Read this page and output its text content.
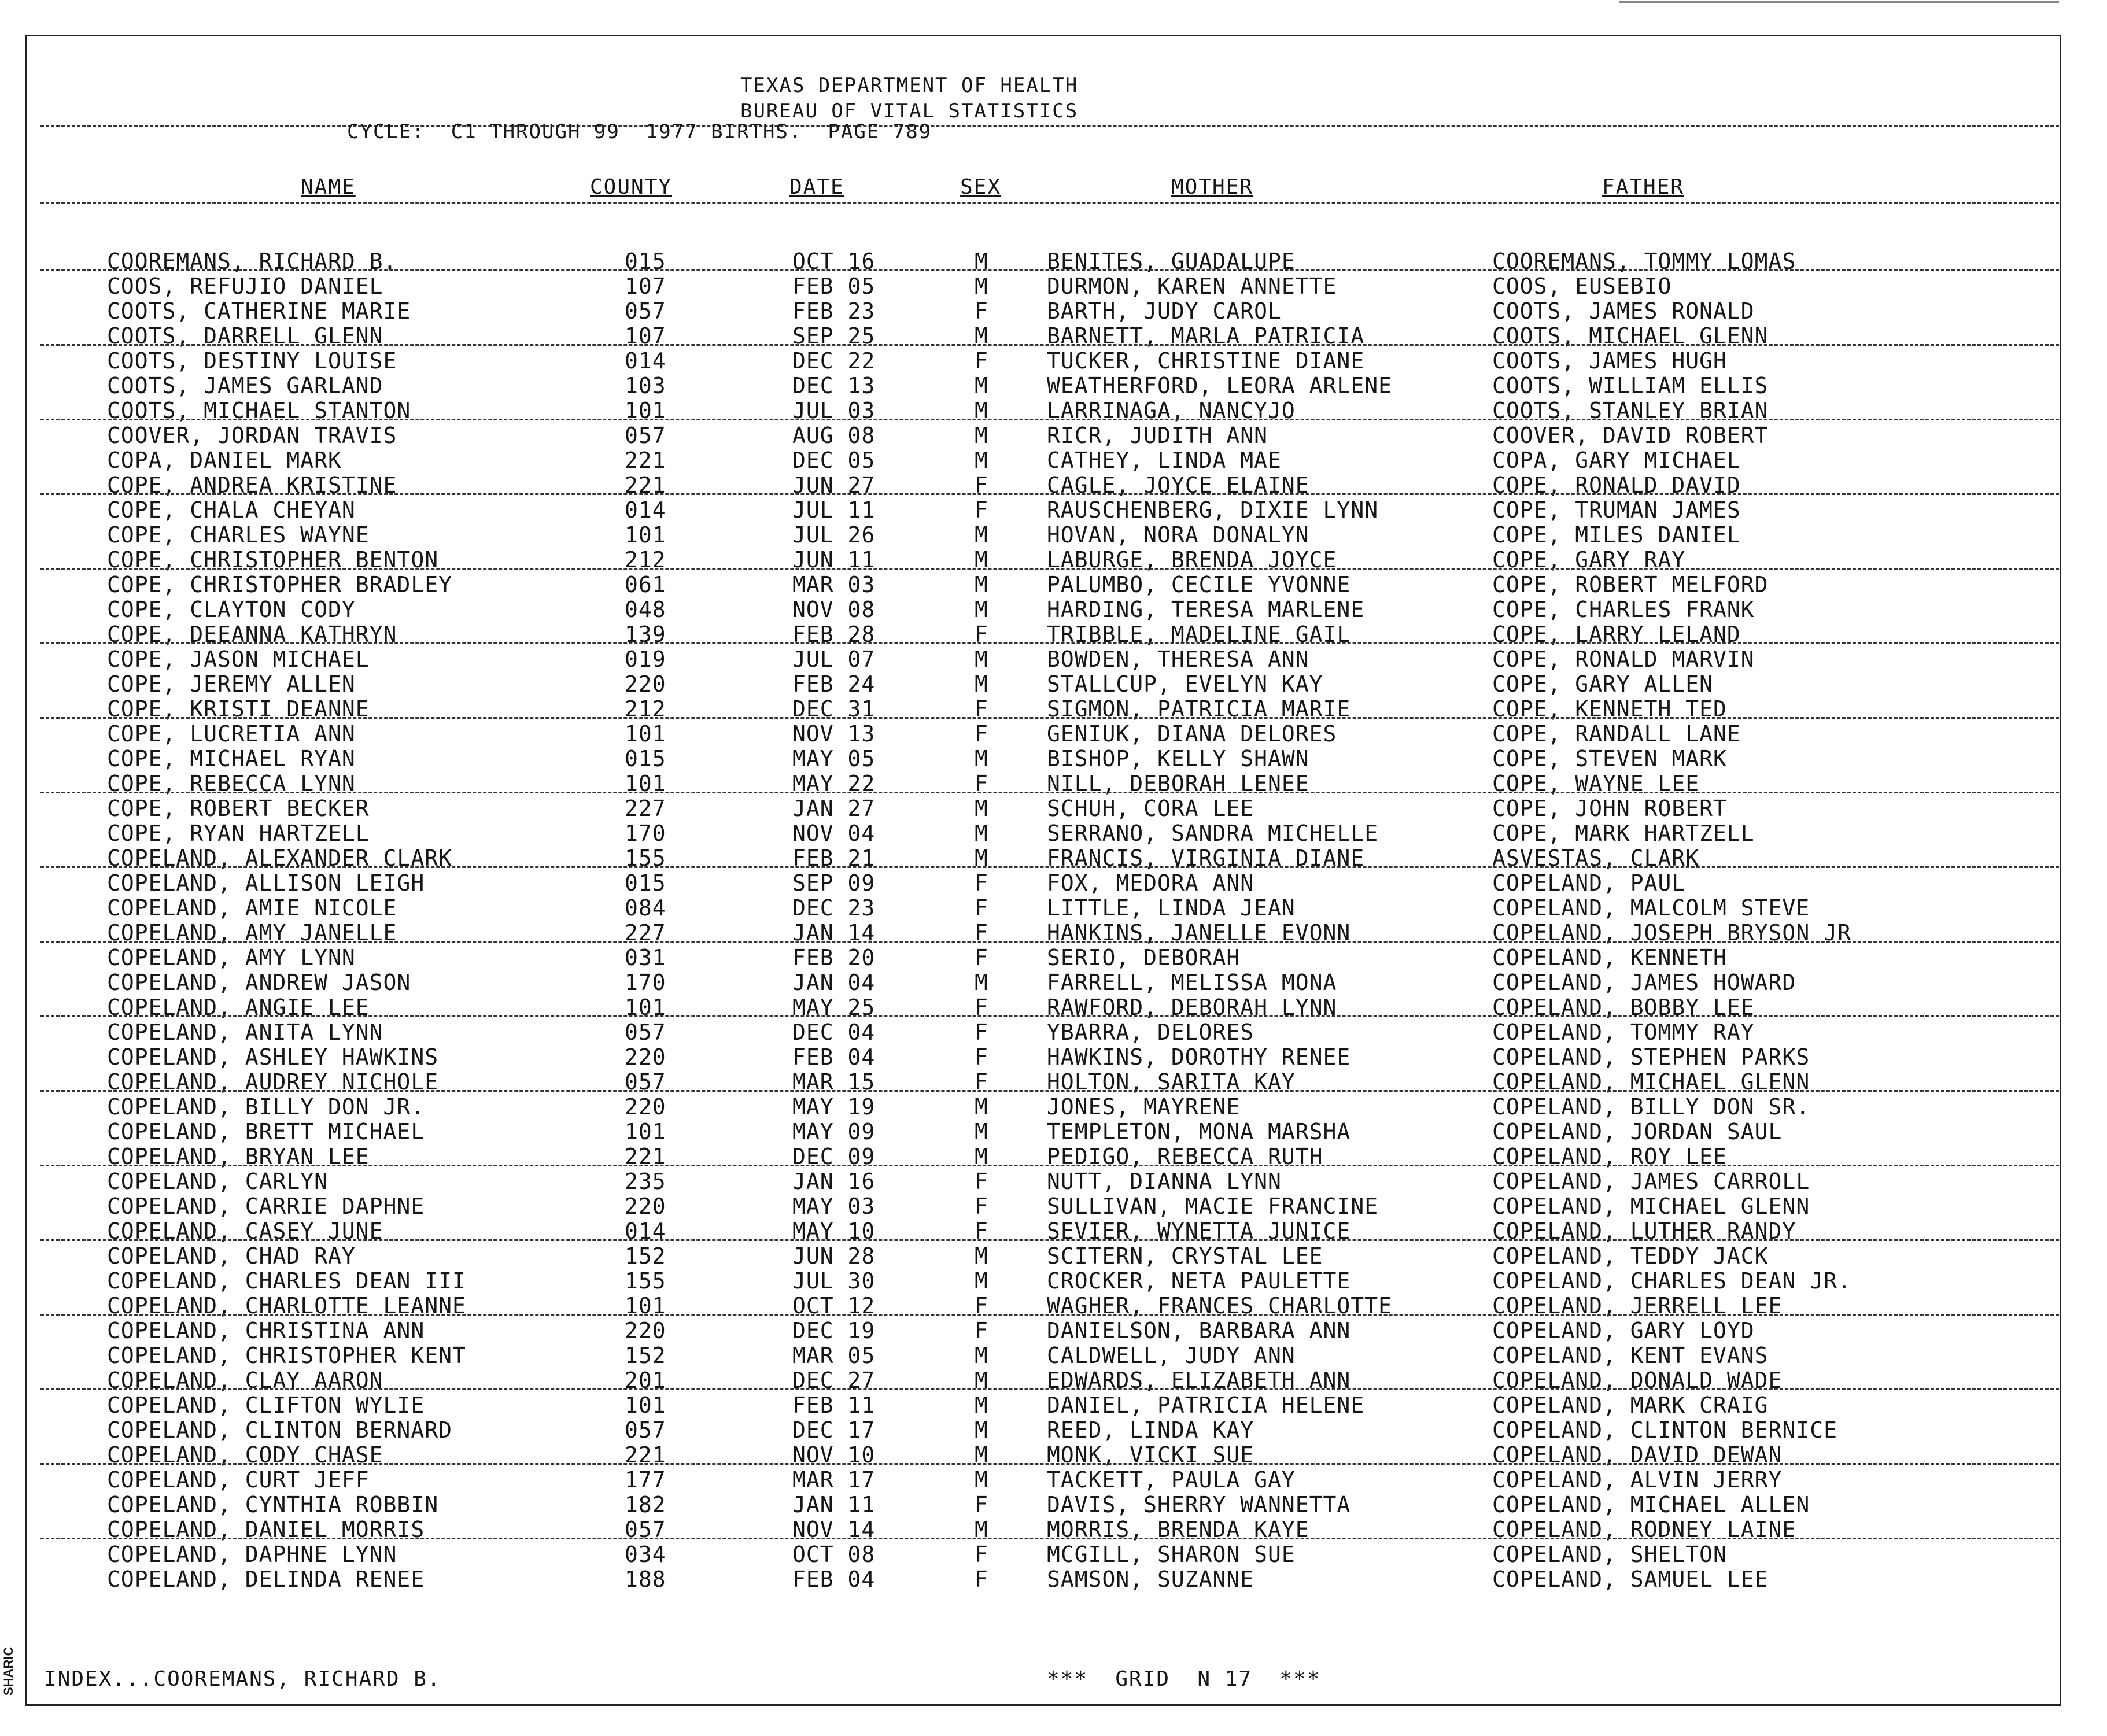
SHARIC
TEXAS DEPARTMENT OF HEALTH
BUREAU OF VITAL STATISTICS
CYCLE:  C1 THROUGH 99  1977 BIRTHS.  PAGE 789
NAME	COUNTY	DATE	SEX	MOTHER	FATHER
COOREMANS, RICHARD B.	015	OCT 16	M	BENITES, GUADALUPE	COOREMANS, TOMMY LOMAS
COOS, REFUJIO DANIEL	107	FEB 05	M	DURMON, KAREN ANNETTE	COOS, EUSEBIO
COOTS, CATHERINE MARIE	057	FEB 23	F	BARTH, JUDY CAROL	COOTS, JAMES RONALD
COOTS, DARRELL GLENN	107	SEP 25	M	BARNETT, MARLA PATRICIA	COOTS, MICHAEL GLENN
COOTS, DESTINY LOUISE	014	DEC 22	F	TUCKER, CHRISTINE DIANE	COOTS, JAMES HUGH
COOTS, JAMES GARLAND	103	DEC 13	M	WEATHERFORD, LEORA ARLENE	COOTS, WILLIAM ELLIS
COOTS, MICHAEL STANTON	101	JUL 03	M	LARRINAGA, NANCYJO	COOTS, STANLEY BRIAN
COOVER, JORDAN TRAVIS	057	AUG 08	M	RICR, JUDITH ANN	COOVER, DAVID ROBERT
COPA, DANIEL MARK	221	DEC 05	M	CATHEY, LINDA MAE	COPA, GARY MICHAEL
COPE, ANDREA KRISTINE	221	JUN 27	F	CAGLE, JOYCE ELAINE	COPE, RONALD DAVID
COPE, CHALA CHEYAN	014	JUL 11	F	RAUSCHENBERG, DIXIE LYNN	COPE, TRUMAN JAMES
COPE, CHARLES WAYNE	101	JUL 26	M	HOVAN, NORA DONALYN	COPE, MILES DANIEL
COPE, CHRISTOPHER BENTON	212	JUN 11	M	LABURGE, BRENDA JOYCE	COPE, GARY RAY
COPE, CHRISTOPHER BRADLEY	061	MAR 03	M	PALUMBO, CECILE YVONNE	COPE, ROBERT MELFORD
COPE, CLAYTON CODY	048	NOV 08	M	HARDING, TERESA MARLENE	COPE, CHARLES FRANK
COPE, DEEANNA KATHRYN	139	FEB 28	F	TRIBBLE, MADELINE GAIL	COPE, LARRY LELAND
COPE, JASON MICHAEL	019	JUL 07	M	BOWDEN, THERESA ANN	COPE, RONALD MARVIN
COPE, JEREMY ALLEN	220	FEB 24	M	STALLCUP, EVELYN KAY	COPE, GARY ALLEN
COPE, KRISTI DEANNE	212	DEC 31	F	SIGMON, PATRICIA MARIE	COPE, KENNETH TED
COPE, LUCRETIA ANN	101	NOV 13	F	GENIUK, DIANA DELORES	COPE, RANDALL LANE
COPE, MICHAEL RYAN	015	MAY 05	M	BISHOP, KELLY SHAWN	COPE, STEVEN MARK
COPE, REBECCA LYNN	101	MAY 22	F	NILL, DEBORAH LENEE	COPE, WAYNE LEE
COPE, ROBERT BECKER	227	JAN 27	M	SCHUH, CORA LEE	COPE, JOHN ROBERT
COPE, RYAN HARTZELL	170	NOV 04	M	SERRANO, SANDRA MICHELLE	COPE, MARK HARTZELL
COPELAND, ALEXANDER CLARK	155	FEB 21	M	FRANCIS, VIRGINIA DIANE	ASVESTAS, CLARK
COPELAND, ALLISON LEIGH	015	SEP 09	F	FOX, MEDORA ANN	COPELAND, PAUL
COPELAND, AMIE NICOLE	084	DEC 23	F	LITTLE, LINDA JEAN	COPELAND, MALCOLM STEVE
COPELAND, AMY JANELLE	227	JAN 14	F	HANKINS, JANELLE EVONN	COPELAND, JOSEPH BRYSON JR
COPELAND, AMY LYNN	031	FEB 20	F	SERIO, DEBORAH	COPELAND, KENNETH
COPELAND, ANDREW JASON	170	JAN 04	M	FARRELL, MELISSA MONA	COPELAND, JAMES HOWARD
COPELAND, ANGIE LEE	101	MAY 25	F	RAWFORD, DEBORAH LYNN	COPELAND, BOBBY LEE
COPELAND, ANITA LYNN	057	DEC 04	F	YBARRA, DELORES	COPELAND, TOMMY RAY
COPELAND, ASHLEY HAWKINS	220	FEB 04	F	HAWKINS, DOROTHY RENEE	COPELAND, STEPHEN PARKS
COPELAND, AUDREY NICHOLE	057	MAR 15	F	HOLTON, SARITA KAY	COPELAND, MICHAEL GLENN
COPELAND, BILLY DON JR.	220	MAY 19	M	JONES, MAYRENE	COPELAND, BILLY DON SR.
COPELAND, BRETT MICHAEL	101	MAY 09	M	TEMPLETON, MONA MARSHA	COPELAND, JORDAN SAUL
COPELAND, BRYAN LEE	221	DEC 09	M	PEDIGO, REBECCA RUTH	COPELAND, ROY LEE
COPELAND, CARLYN	235	JAN 16	F	NUTT, DIANNA LYNN	COPELAND, JAMES CARROLL
COPELAND, CARRIE DAPHNE	220	MAY 03	F	SULLIVAN, MACIE FRANCINE	COPELAND, MICHAEL GLENN
COPELAND, CASEY JUNE	014	MAY 10	F	SEVIER, WYNETTA JUNICE	COPELAND, LUTHER RANDY
COPELAND, CHAD RAY	152	JUN 28	M	SCITERN, CRYSTAL LEE	COPELAND, TEDDY JACK
COPELAND, CHARLES DEAN III	155	JUL 30	M	CROCKER, NETA PAULETTE	COPELAND, CHARLES DEAN JR.
COPELAND, CHARLOTTE LEANNE	101	OCT 12	F	WAGHER, FRANCES CHARLOTTE	COPELAND, JERRELL LEE
COPELAND, CHRISTINA ANN	220	DEC 19	F	DANIELSON, BARBARA ANN	COPELAND, GARY LOYD
COPELAND, CHRISTOPHER KENT	152	MAR 05	M	CALDWELL, JUDY ANN	COPELAND, KENT EVANS
COPELAND, CLAY AARON	201	DEC 27	M	EDWARDS, ELIZABETH ANN	COPELAND, DONALD WADE
COPELAND, CLIFTON WYLIE	101	FEB 11	M	DANIEL, PATRICIA HELENE	COPELAND, MARK CRAIG
COPELAND, CLINTON BERNARD	057	DEC 17	M	REED, LINDA KAY	COPELAND, CLINTON BERNICE
COPELAND, CODY CHASE	221	NOV 10	M	MONK, VICKI SUE	COPELAND, DAVID DEWAN
COPELAND, CURT JEFF	177	MAR 17	M	TACKETT, PAULA GAY	COPELAND, ALVIN JERRY
COPELAND, CYNTHIA ROBBIN	182	JAN 11	F	DAVIS, SHERRY WANNETTA	COPELAND, MICHAEL ALLEN
COPELAND, DANIEL MORRIS	057	NOV 14	M	MORRIS, BRENDA KAYE	COPELAND, RODNEY LAINE
COPELAND, DAPHNE LYNN	034	OCT 08	F	MCGILL, SHARON SUE	COPELAND, SHELTON
COPELAND, DELINDA RENEE	188	FEB 04	F	SAMSON, SUZANNE	COPELAND, SAMUEL LEE
INDEX...COOREMANS, RICHARD B.	***  GRID  N 17  ***
